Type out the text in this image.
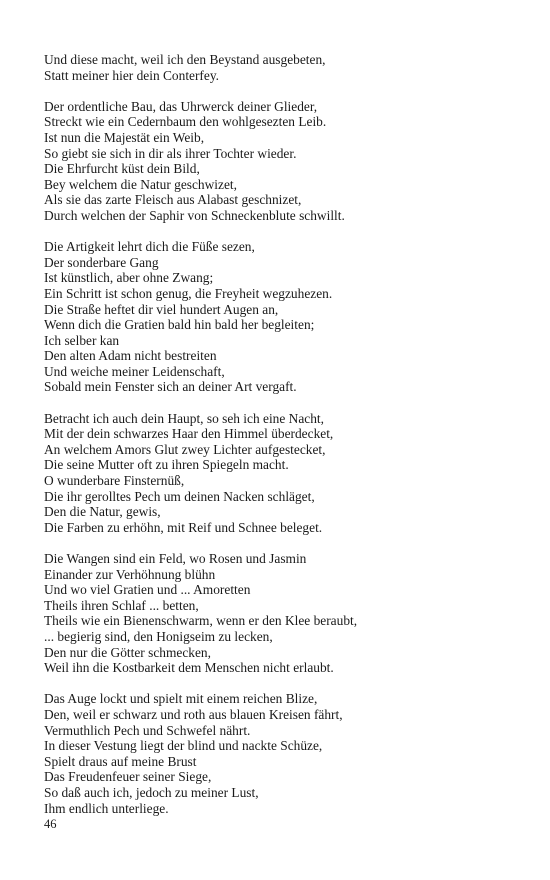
Und diese macht, weil ich den Beystand ausgebeten,
Statt meiner hier dein Conterfey.
Der ordentliche Bau, das Uhrwerck deiner Glieder,
Streckt wie ein Cedernbaum den wohlgesezten Leib.
Ist nun die Majestät ein Weib,
So giebt sie sich in dir als ihrer Tochter wieder.
Die Ehrfurcht küst dein Bild,
Bey welchem die Natur geschwizet,
Als sie das zarte Fleisch aus Alabast geschnizet,
Durch welchen der Saphir von Schneckenblute schwillt.
Die Artigkeit lehrt dich die Füße sezen,
Der sonderbare Gang
Ist künstlich, aber ohne Zwang;
Ein Schritt ist schon genug, die Freyheit wegzuhezen.
Die Straße heftet dir viel hundert Augen an,
Wenn dich die Gratien bald hin bald her begleiten;
Ich selber kan
Den alten Adam nicht bestreiten
Und weiche meiner Leidenschaft,
Sobald mein Fenster sich an deiner Art vergaft.
Betracht ich auch dein Haupt, so seh ich eine Nacht,
Mit der dein schwarzes Haar den Himmel überdecket,
An welchem Amors Glut zwey Lichter aufgestecket,
Die seine Mutter oft zu ihren Spiegeln macht.
O wunderbare Finsternüß,
Die ihr gerolltes Pech um deinen Nacken schläget,
Den die Natur, gewis,
Die Farben zu erhöhn, mit Reif und Schnee beleget.
Die Wangen sind ein Feld, wo Rosen und Jasmin
Einander zur Verhöhnung blühn
Und wo viel Gratien und ... Amoretten
Theils ihren Schlaf ... betten,
Theils wie ein Bienenschwarm, wenn er den Klee beraubt,
... begierig sind, den Honigseim zu lecken,
Den nur die Götter schmecken,
Weil ihn die Kostbarkeit dem Menschen nicht erlaubt.
Das Auge lockt und spielt mit einem reichen Blize,
Den, weil er schwarz und roth aus blauen Kreisen fährt,
Vermuthlich Pech und Schwefel nährt.
In dieser Vestung liegt der blind und nackte Schüze,
Spielt draus auf meine Brust
Das Freudenfeuer seiner Siege,
So daß auch ich, jedoch zu meiner Lust,
Ihm endlich unterliege.
46
